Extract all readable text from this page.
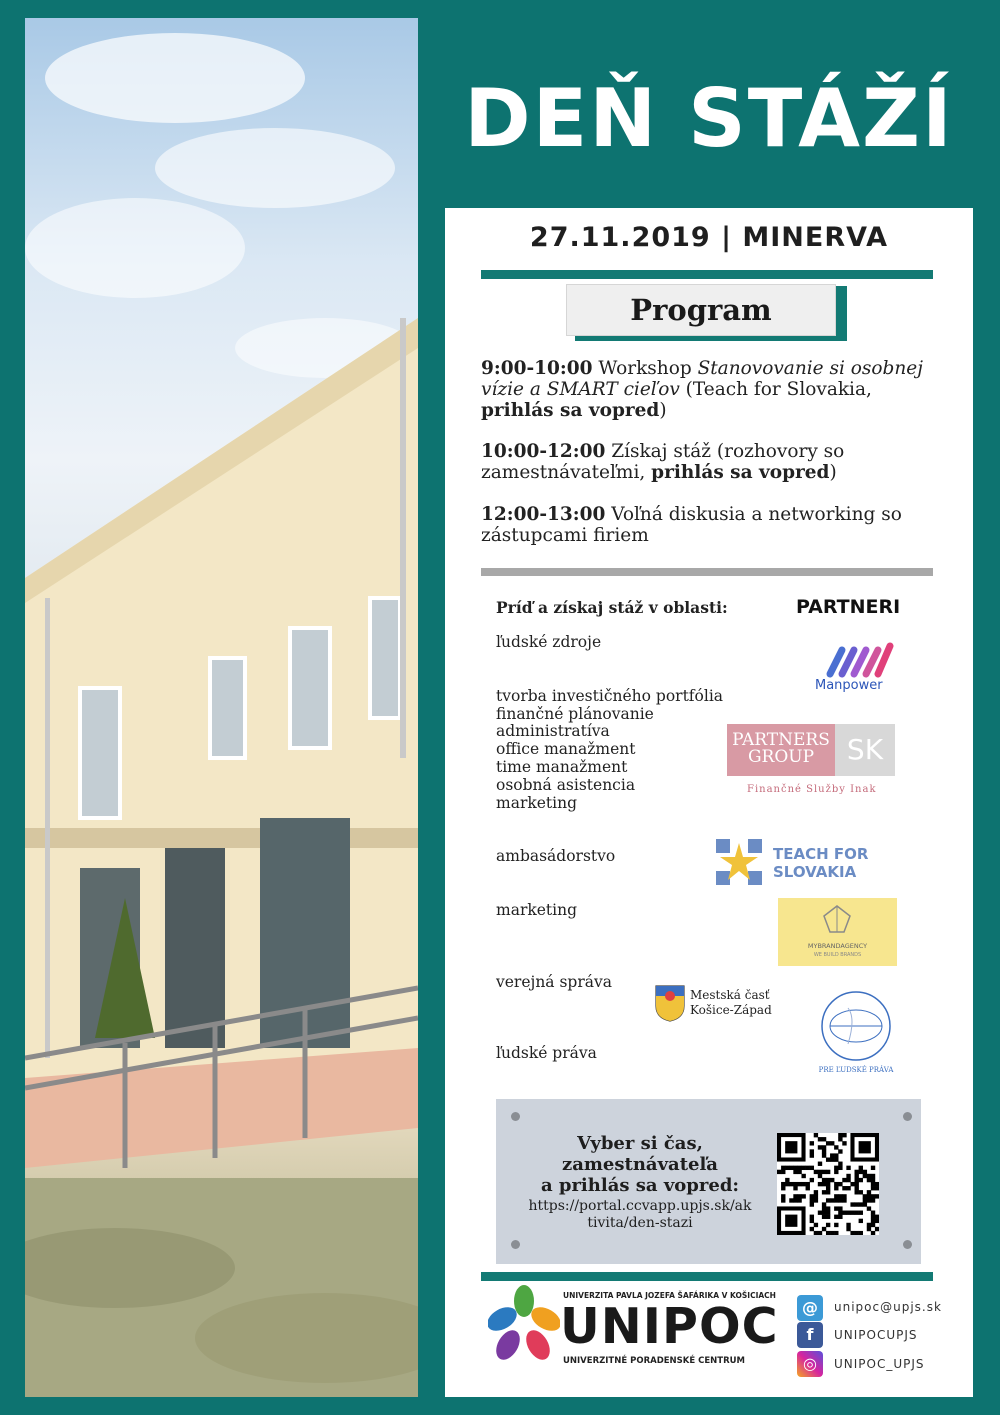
DEŇ STÁŽÍ
27.11.2019 | MINERVA
Program
9:00-10:00 Workshop Stanovovanie si osobnej vízie a SMART cieľov (Teach for Slovakia, prihlás sa vopred)
10:00-12:00 Získaj stáž (rozhovory so zamestnávateľmi, prihlás sa vopred)
12:00-13:00 Voľná diskusia a networking so zástupcami firiem
Príď a získaj stáž v oblasti:
ľudské zdroje
tvorba investičného portfólia
finančné plánovanie
administratíva
office manažment
time manažment
osobná asistencia
marketing
ambasádorstvo
marketing
verejná správa
ľudské práva
PARTNERI
Manpower
PARTNERS
GROUP	SK
Finančné Služby Inak
TEACH FOR
SLOVAKIA
MYBRANDAGENCY
WE BUILD BRANDS
Mestská časť
Košice-Západ
PRE ĽUDSKÉ PRÁVA
Vyber si čas,
zamestnávateľa
a prihlás sa vopred:
https://portal.ccvapp.upjs.sk/ak
tivita/den-stazi
UNIVERZITA PAVLA JOZEFA ŠAFÁRIKA V KOŠICIACH
UNIPOC
UNIVERZITNÉ PORADENSKÉ CENTRUM
@	unipoc@upjs.sk
f	UNIPOCUPJS
◎	UNIPOC_UPJS
